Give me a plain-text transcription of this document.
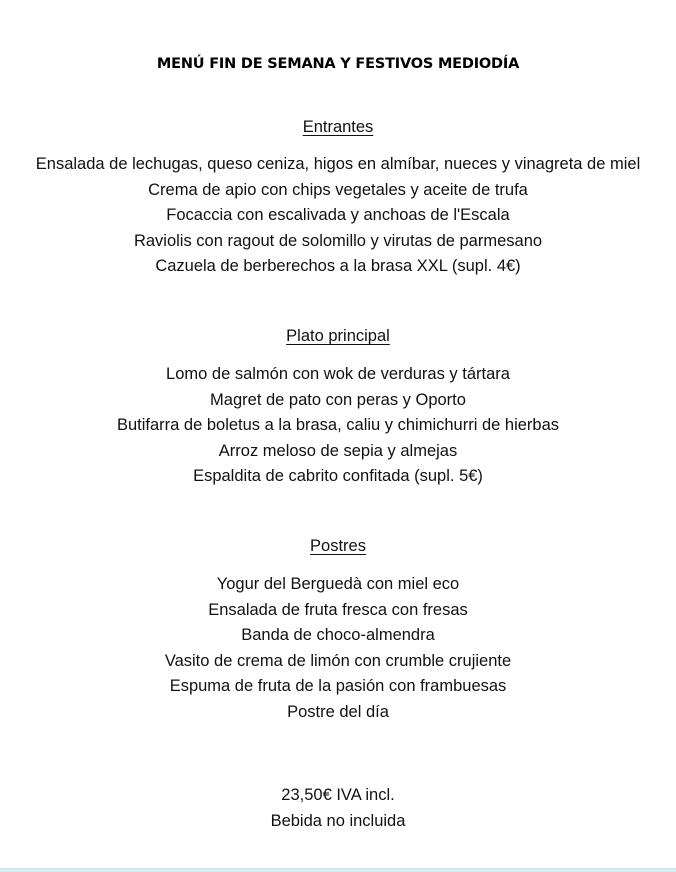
MENÚ FIN DE SEMANA Y FESTIVOS MEDIODÍA
Entrantes
Ensalada de lechugas, queso ceniza, higos en almíbar, nueces y vinagreta de miel
Crema de apio con chips vegetales y aceite de trufa
Focaccia con escalivada y anchoas de l'Escala
Raviolis con ragout de solomillo y virutas de parmesano
Cazuela de berberechos a la brasa XXL (supl. 4€)
Plato principal
Lomo de salmón con wok de verduras y tártara
Magret de pato con peras y Oporto
Butifarra de boletus a la brasa, caliu y chimichurri de hierbas
Arroz meloso de sepia y almejas
Espaldita de cabrito confitada (supl. 5€)
Postres
Yogur del Berguedà con miel eco
Ensalada de fruta fresca con fresas
Banda de choco-almendra
Vasito de crema de limón con crumble crujiente
Espuma de fruta de la pasión con frambuesas
Postre del día
23,50€ IVA incl.
Bebida no incluida
